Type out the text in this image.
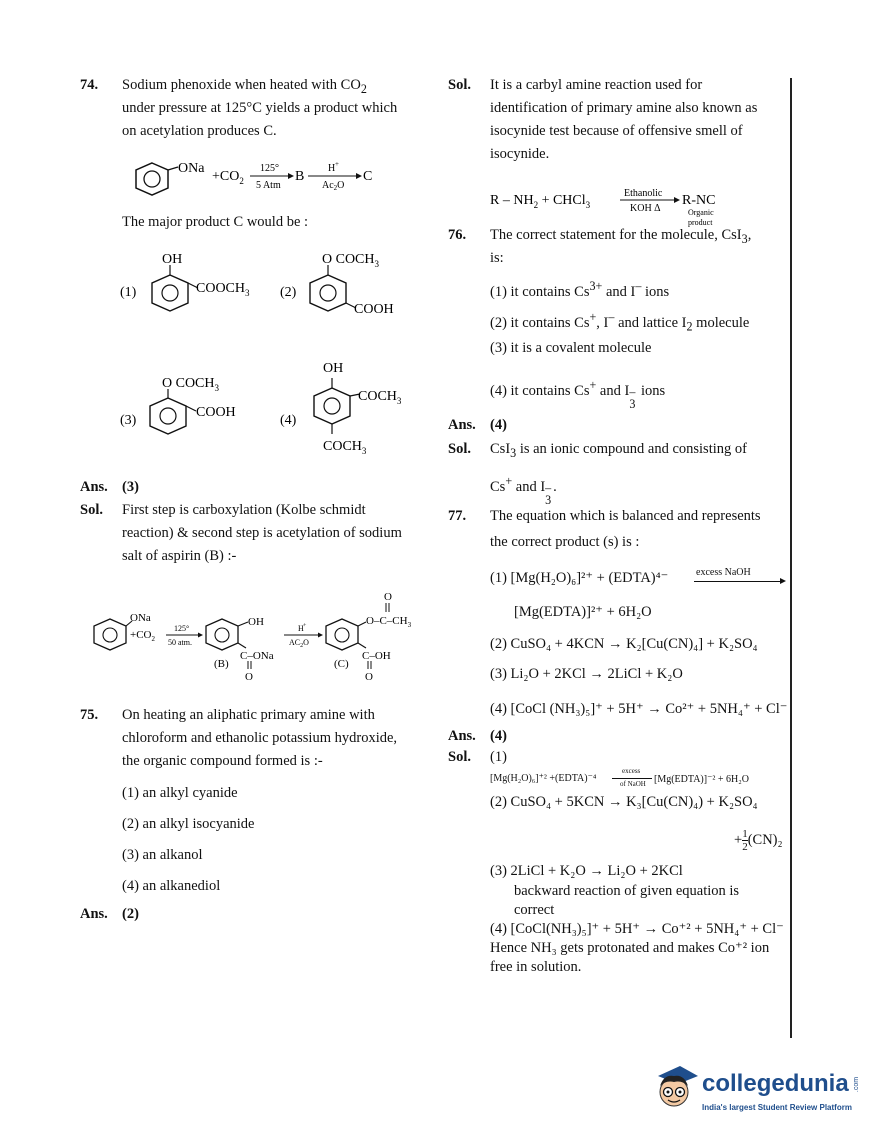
74. Sodium phenoxide when heated with $CO_2$
under pressure at 125°C yields a product which
on acetylation produces C.
ONa
$+CO_2$
125°
5 Atm
B
H +
$Ac_2O$
C
The major product C would be :
(1)
OH
$COOCH_3$ (2)
O $COCH_3$
COOH
(3)
O $COCH_3$
COOH
(4)
OH
$COCH_3$
$COCH_3$
Ans. (3)
Sol. First step is carboxylation (Kolbe schmidt
reaction) & second step is acetylation of sodium
salt of aspirin (B) :-
ONa
$+CO_2$
125°
50 atm.
OH
C–ONa
O
(B)
H +
$AC_2O$
O
$O-C-CH_3$
C–OH
O
(C)
75. On heating an aliphatic primary amine with
chloroform and ethanolic potassium hydroxide,
the organic compound formed is :-
(1) an alkyl cyanide
(2) an alkyl isocyanide
(3) an alkanol
(4) an alkanediol
Ans. (2)
Sol. It is a carbyl amine reaction used for
identification of primary amine also known as
isocynide test because of offensive smell of
isocynide.
R – $NH_2$ + CHCl$_3$
Ethanolic
KOH Δ
R-NC
Organic
product
76. The correct statement for the molecule, CsI$_3$,
is:
(1) it contains $Cs^{3+}$ and I– ions
(2) it contains Cs+, I– and lattice $I_2$ molecule
(3) it is a covalent molecule
(4) it contains Cs+ and I –
3
ions
Ans. (4)
Sol. CsI$_3$ is an ionic compound and consisting of
Cs+ and I –
3
.
77. The equation which is balanced and represents
the correct product (s) is :
(1) [Mg(H₂O)₆]²⁺ + (EDTA)⁴⁻	excess NaOH
[Mg(EDTA)]²⁺ + 6H₂O
(2) CuSO₄ + 4KCN → K₂[Cu(CN)₄] + K₂SO₄
(3) Li₂O + 2KCl → 2LiCl + K₂O
(4) [CoCl (NH₃)₅]⁺ + 5H⁺ → Co²⁺ + 5NH₄⁺ + Cl⁻
Ans. (4)
Sol. (1)
[Mg(H₂O)₆]⁺² +(EDTA)⁻⁴
excess
of NaOH [Mg(EDTA)]⁻² + 6H₂O
(2) CuSO₄ + 5KCN → K₃[Cu(CN)₄) + K₂SO₄
+ $\frac{1}{2} (CN)_2$
(3) 2LiCl + K₂O → Li₂O + 2KCl
backward reaction of given equation is
correct
(4) [CoCl(NH₃)₅]⁺ + 5H⁺ → Co⁺² + 5NH₄⁺ + Cl⁻
Hence NH₃ gets protonated and makes Co⁺² ion
free in solution.
collegedunia .com
India's largest Student Review Platform
